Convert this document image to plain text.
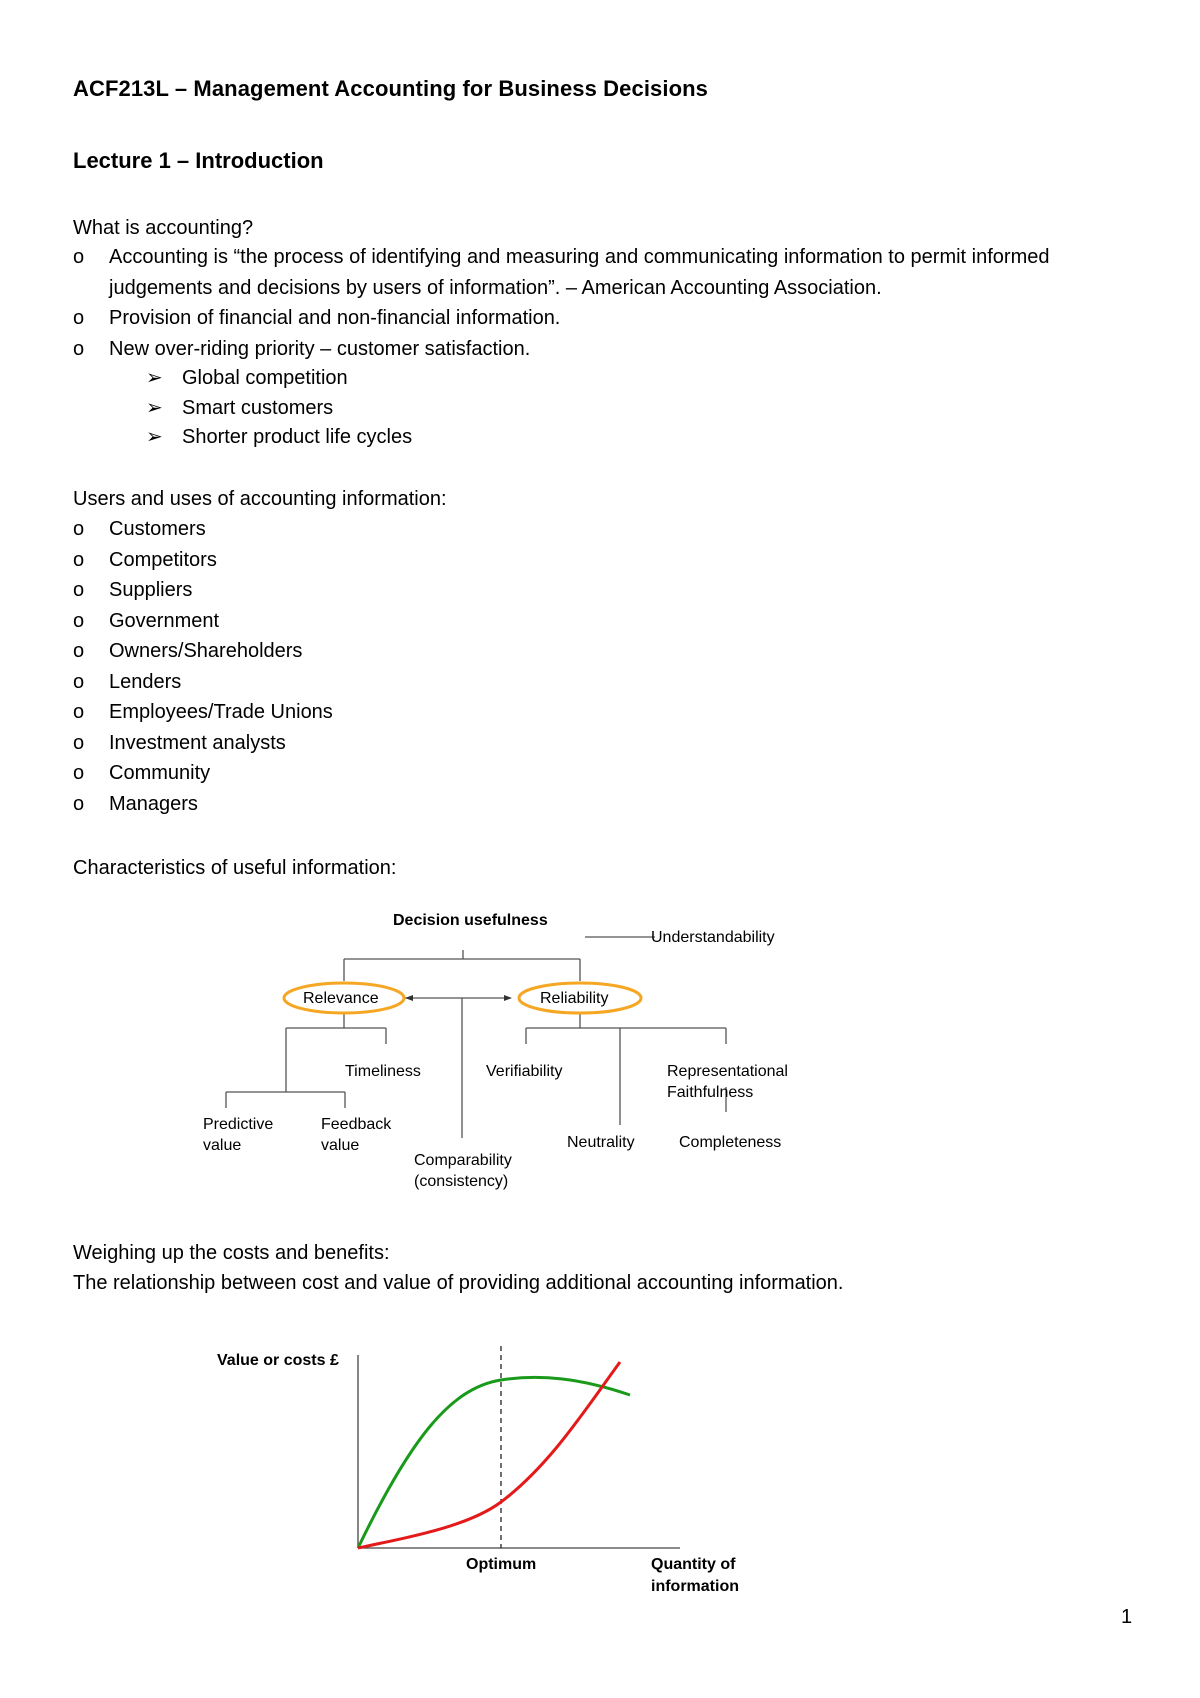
ACF213L – Management Accounting for Business Decisions
Lecture 1 – Introduction
What is accounting?
o	Accounting is “the process of identifying and measuring and communicating information to permit informed judgements and decisions by users of information”. – American Accounting Association.
o	Provision of financial and non-financial information.
o	New over-riding priority – customer satisfaction.
➢ Global competition
➢ Smart customers
➢ Shorter product life cycles
Users and uses of accounting information:
o	Customers
o	Competitors
o	Suppliers
o	Government
o	Owners/Shareholders
o	Lenders
o	Employees/Trade Unions
o	Investment analysts
o	Community
o	Managers
Characteristics of useful information:
Decision usefulness
Understandability
Relevance	Reliability
Timeliness	Verifiability	Representational
Faithfulness
Predictive
value
Feedback
value	Neutrality	Completeness
Comparability
(consistency)
Weighing up the costs and benefits:
The relationship between cost and value of providing additional accounting information.
Value or costs £
Optimum	Quantity of information
1
